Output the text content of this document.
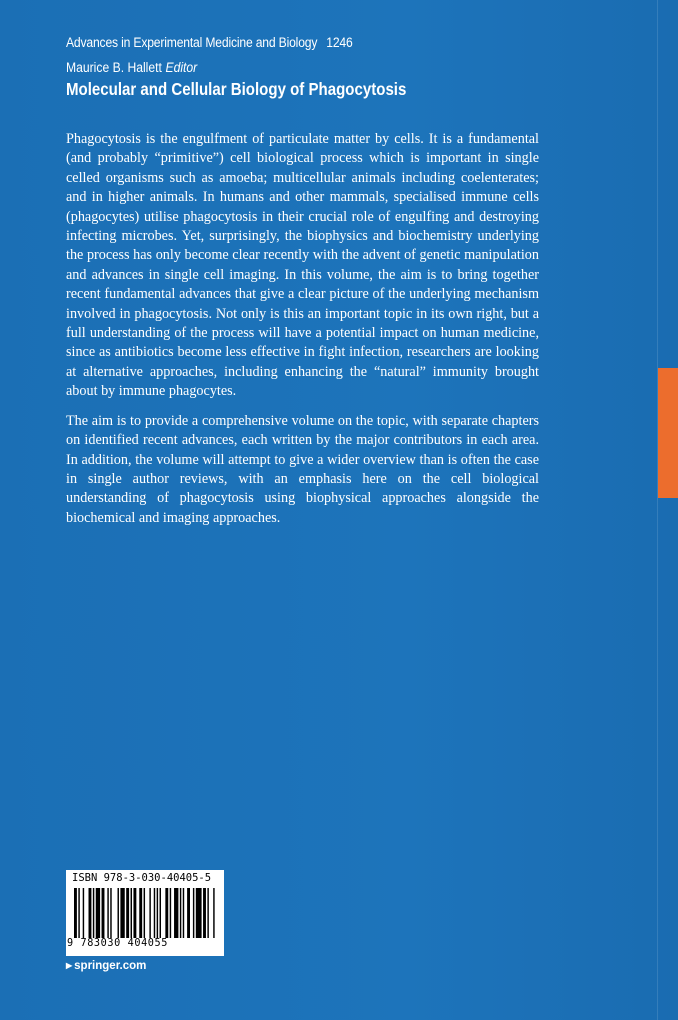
Advances in Experimental Medicine and Biology 1246
Maurice B. Hallett Editor
Molecular and Cellular Biology of Phagocytosis

Phagocytosis is the engulfment of particulate matter by cells. It is a fundamental (and probably “primitive”) cell biological process which is important in single celled organisms such as amoeba; multicellular animals including coelenterates; and in higher animals. In humans and other mammals, specialised immune cells (phagocytes) utilise phagocytosis in their crucial role of engulfing and destroying infecting microbes. Yet, surprisingly, the biophysics and biochemistry underlying the process has only become clear recently with the advent of genetic manipulation and advances in single cell imaging. In this volume, the aim is to bring together recent fundamental advances that give a clear picture of the underlying mechanism involved in phagocytosis. Not only is this an important topic in its own right, but a full understanding of the process will have a potential impact on human medicine, since as antibiotics become less effective in fight infection, researchers are looking at alternative approaches, including enhancing the “natural” immunity brought about by immune phagocytes.

The aim is to provide a comprehensive volume on the topic, with separate chapters on identified recent advances, each written by the major contributors in each area. In addition, the volume will attempt to give a wider overview than is often the case in single author reviews, with an emphasis here on the cell biological understanding of phagocytosis using biophysical approaches alongside the biochemical and imaging approaches.

ISBN 978-3-030-40405-5
9 783030 404055
▶ springer.com
